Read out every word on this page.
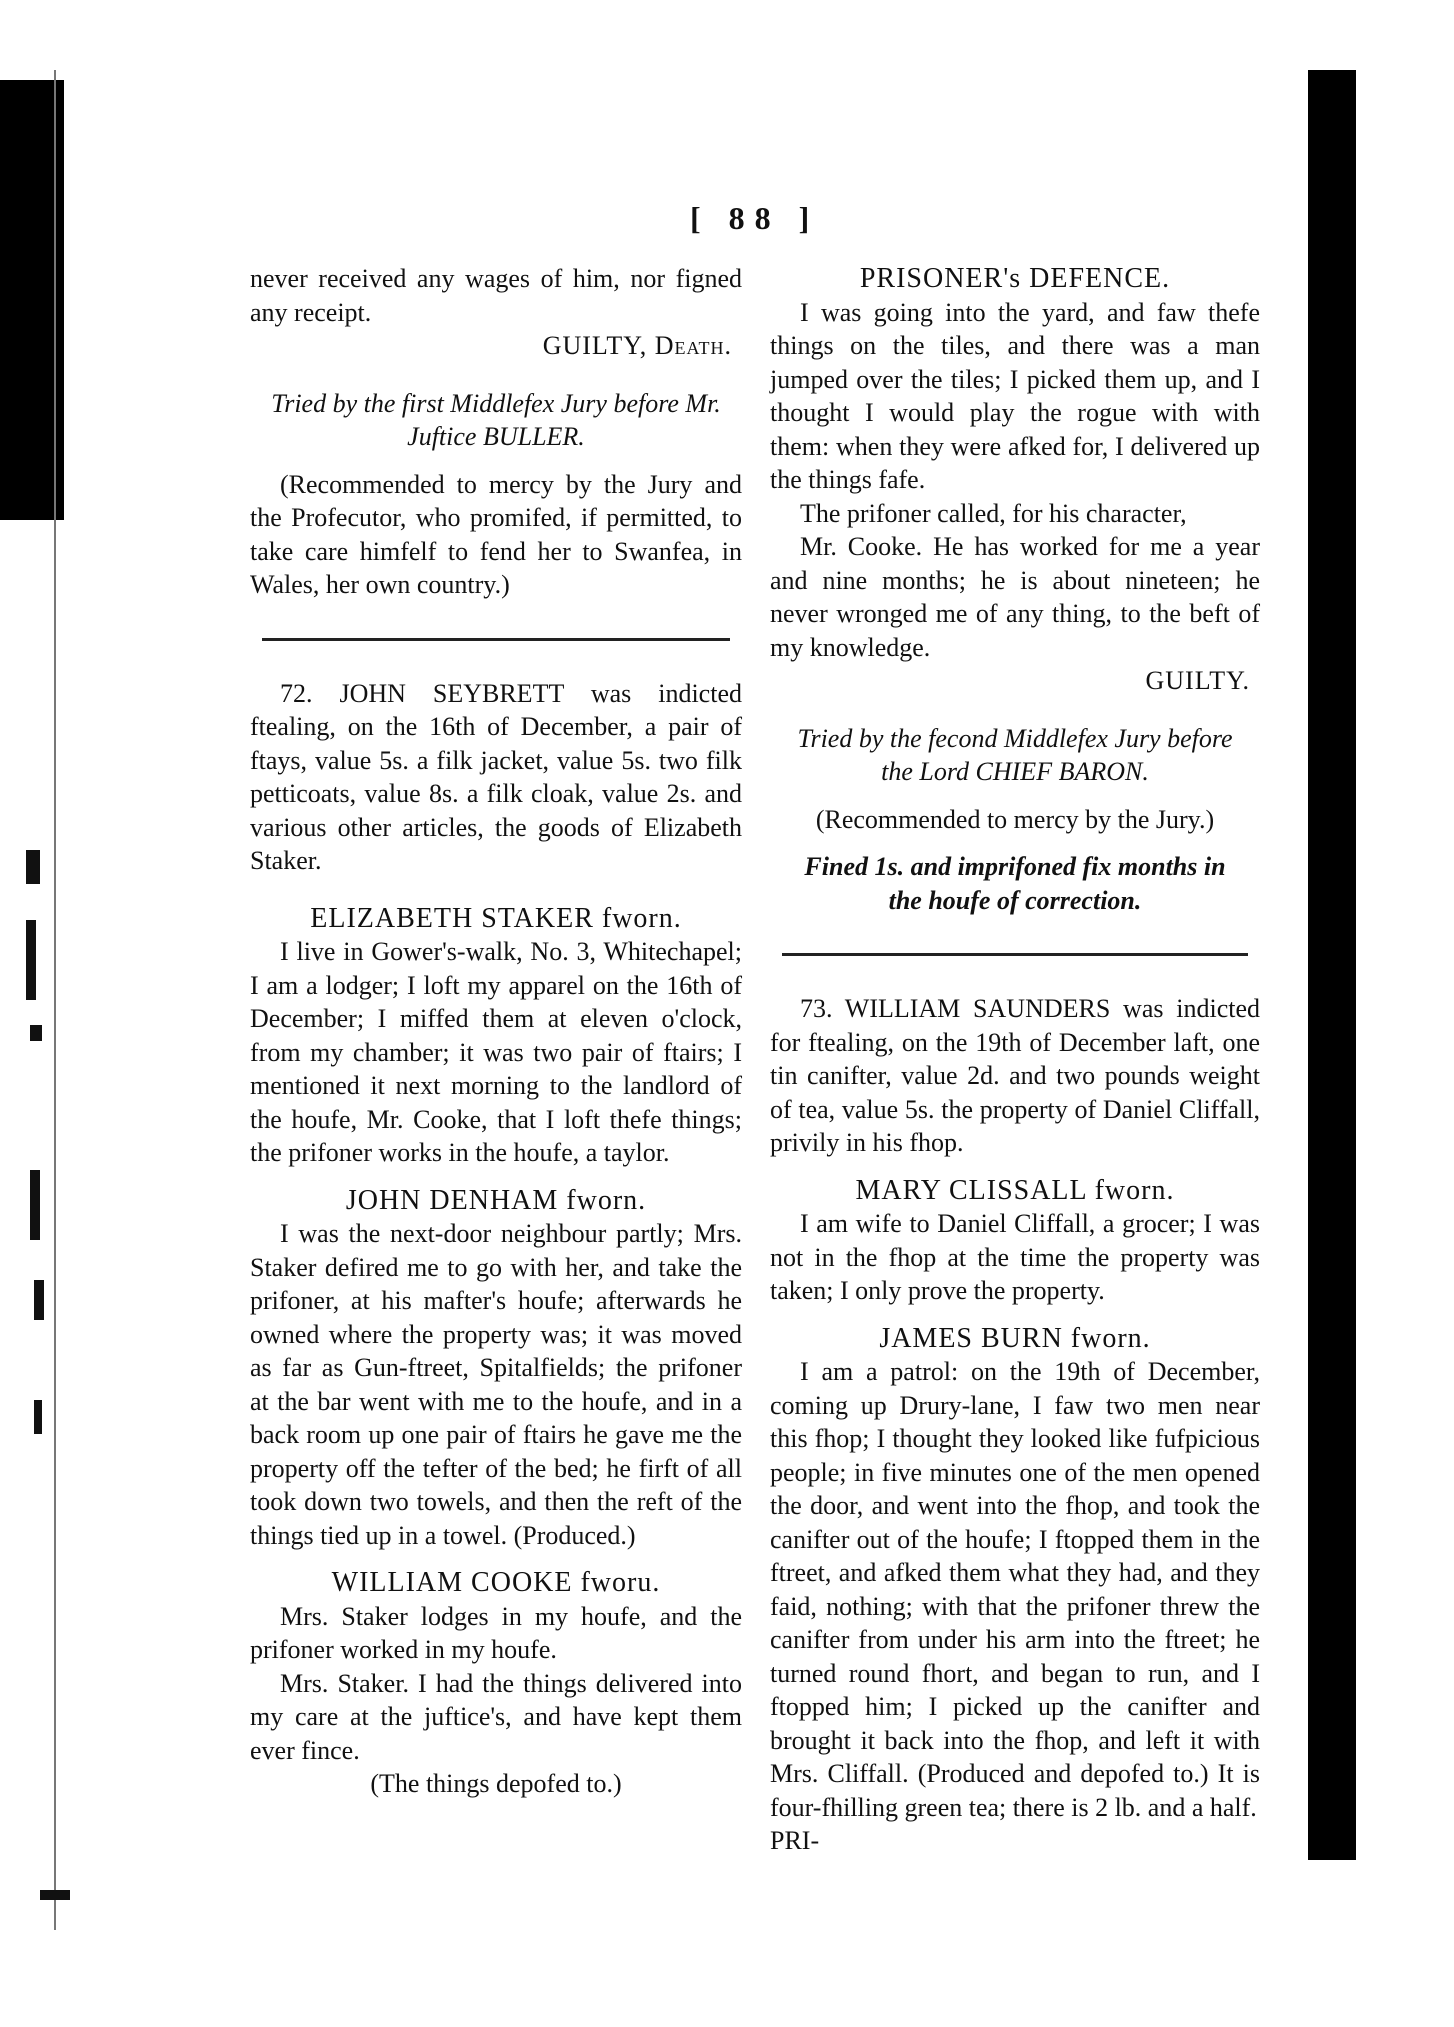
[ 88 ]

never received any wages of him, nor figned any receipt.

GUILTY, Death.

Tried by the first Middlefex Jury before Mr. Juftice BULLER.

(Recommended to mercy by the Jury and the Profecutor, who promifed, if permitted, to take care himfelf to fend her to Swanfea, in Wales, her own country.)

72. JOHN SEYBRETT was indicted ftealing, on the 16th of December, a pair of ftays, value 5s. a filk jacket, value 5s. two filk petticoats, value 8s. a filk cloak, value 2s. and various other articles, the goods of Elizabeth Staker.

ELIZABETH STAKER fworn.

I live in Gower's-walk, No. 3, Whitechapel; I am a lodger; I loft my apparel on the 16th of December; I miffed them at eleven o'clock, from my chamber; it was two pair of ftairs; I mentioned it next morning to the landlord of the houfe, Mr. Cooke, that I loft thefe things; the prifoner works in the houfe, a taylor.

JOHN DENHAM fworn.

I was the next-door neighbour partly; Mrs. Staker defired me to go with her, and take the prifoner, at his mafter's houfe; afterwards he owned where the property was; it was moved as far as Gun-ftreet, Spitalfields; the prifoner at the bar went with me to the houfe, and in a back room up one pair of ftairs he gave me the property off the tefter of the bed; he firft of all took down two towels, and then the reft of the things tied up in a towel. (Produced.)

WILLIAM COOKE fworu.

Mrs. Staker lodges in my houfe, and the prifoner worked in my houfe.

Mrs. Staker. I had the things delivered into my care at the juftice's, and have kept them ever fince.

(The things depofed to.)

PRISONER's DEFENCE.

I was going into the yard, and faw thefe things on the tiles, and there was a man jumped over the tiles; I picked them up, and I thought I would play the rogue with with them: when they were afked for, I delivered up the things fafe.

The prifoner called, for his character,

Mr. Cooke. He has worked for me a year and nine months; he is about nineteen; he never wronged me of any thing, to the beft of my knowledge.

GUILTY.

Tried by the fecond Middlefex Jury before the Lord CHIEF BARON.

(Recommended to mercy by the Jury.)

Fined 1s. and imprifoned fix months in the houfe of correction.

73. WILLIAM SAUNDERS was indicted for ftealing, on the 19th of December laft, one tin canifter, value 2d. and two pounds weight of tea, value 5s. the property of Daniel Cliffall, privily in his fhop.

MARY CLISSALL fworn.

I am wife to Daniel Cliffall, a grocer; I was not in the fhop at the time the property was taken; I only prove the property.

JAMES BURN fworn.

I am a patrol: on the 19th of December, coming up Drury-lane, I faw two men near this fhop; I thought they looked like fufpicious people; in five minutes one of the men opened the door, and went into the fhop, and took the canifter out of the houfe; I ftopped them in the ftreet, and afked them what they had, and they faid, nothing; with that the prifoner threw the canifter from under his arm into the ftreet; he turned round fhort, and began to run, and I ftopped him; I picked up the canifter and brought it back into the fhop, and left it with Mrs. Cliffall. (Produced and depofed to.) It is four-fhilling green tea; there is 2 lb. and a half.

PRI-
